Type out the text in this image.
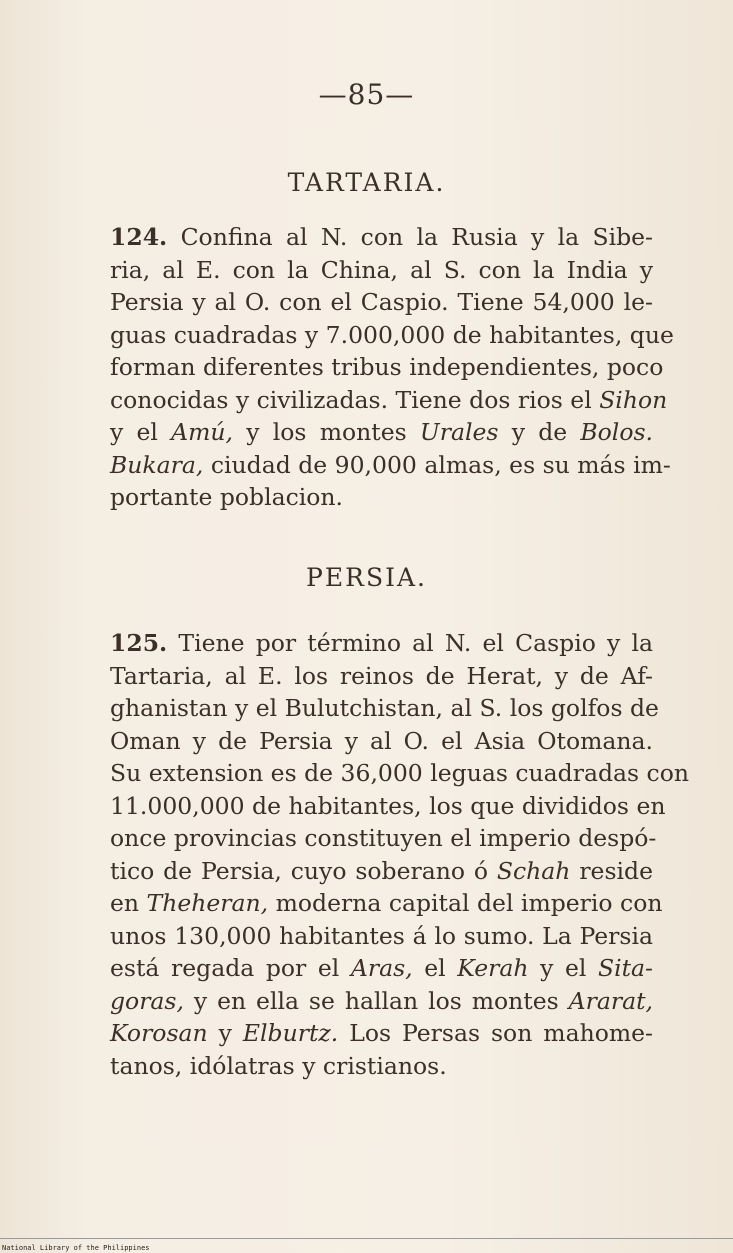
—85—
TARTARIA.
124. Confina al N. con la Rusia y la Sibe-
ria, al E. con la China, al S. con la India y
Persia y al O. con el Caspio. Tiene 54,000 le-
guas cuadradas y 7.000,000 de habitantes, que
forman diferentes tribus independientes, poco
conocidas y civilizadas. Tiene dos rios el Sihon
y el Amú, y los montes Urales y de Bolos.
Bukara, ciudad de 90,000 almas, es su más im-
portante poblacion.
PERSIA.
125. Tiene por término al N. el Caspio y la
Tartaria, al E. los reinos de Herat, y de Af-
ghanistan y el Bulutchistan, al S. los golfos de
Oman y de Persia y al O. el Asia Otomana.
Su extension es de 36,000 leguas cuadradas con
11.000,000 de habitantes, los que divididos en
once provincias constituyen el imperio despó-
tico de Persia, cuyo soberano ó Schah reside
en Theheran, moderna capital del imperio con
unos 130,000 habitantes á lo sumo. La Persia
está regada por el Aras, el Kerah y el Sita-
goras, y en ella se hallan los montes Ararat,
Korosan y Elburtz. Los Persas son mahome-
tanos, idólatras y cristianos.
National Library of the Philippines
